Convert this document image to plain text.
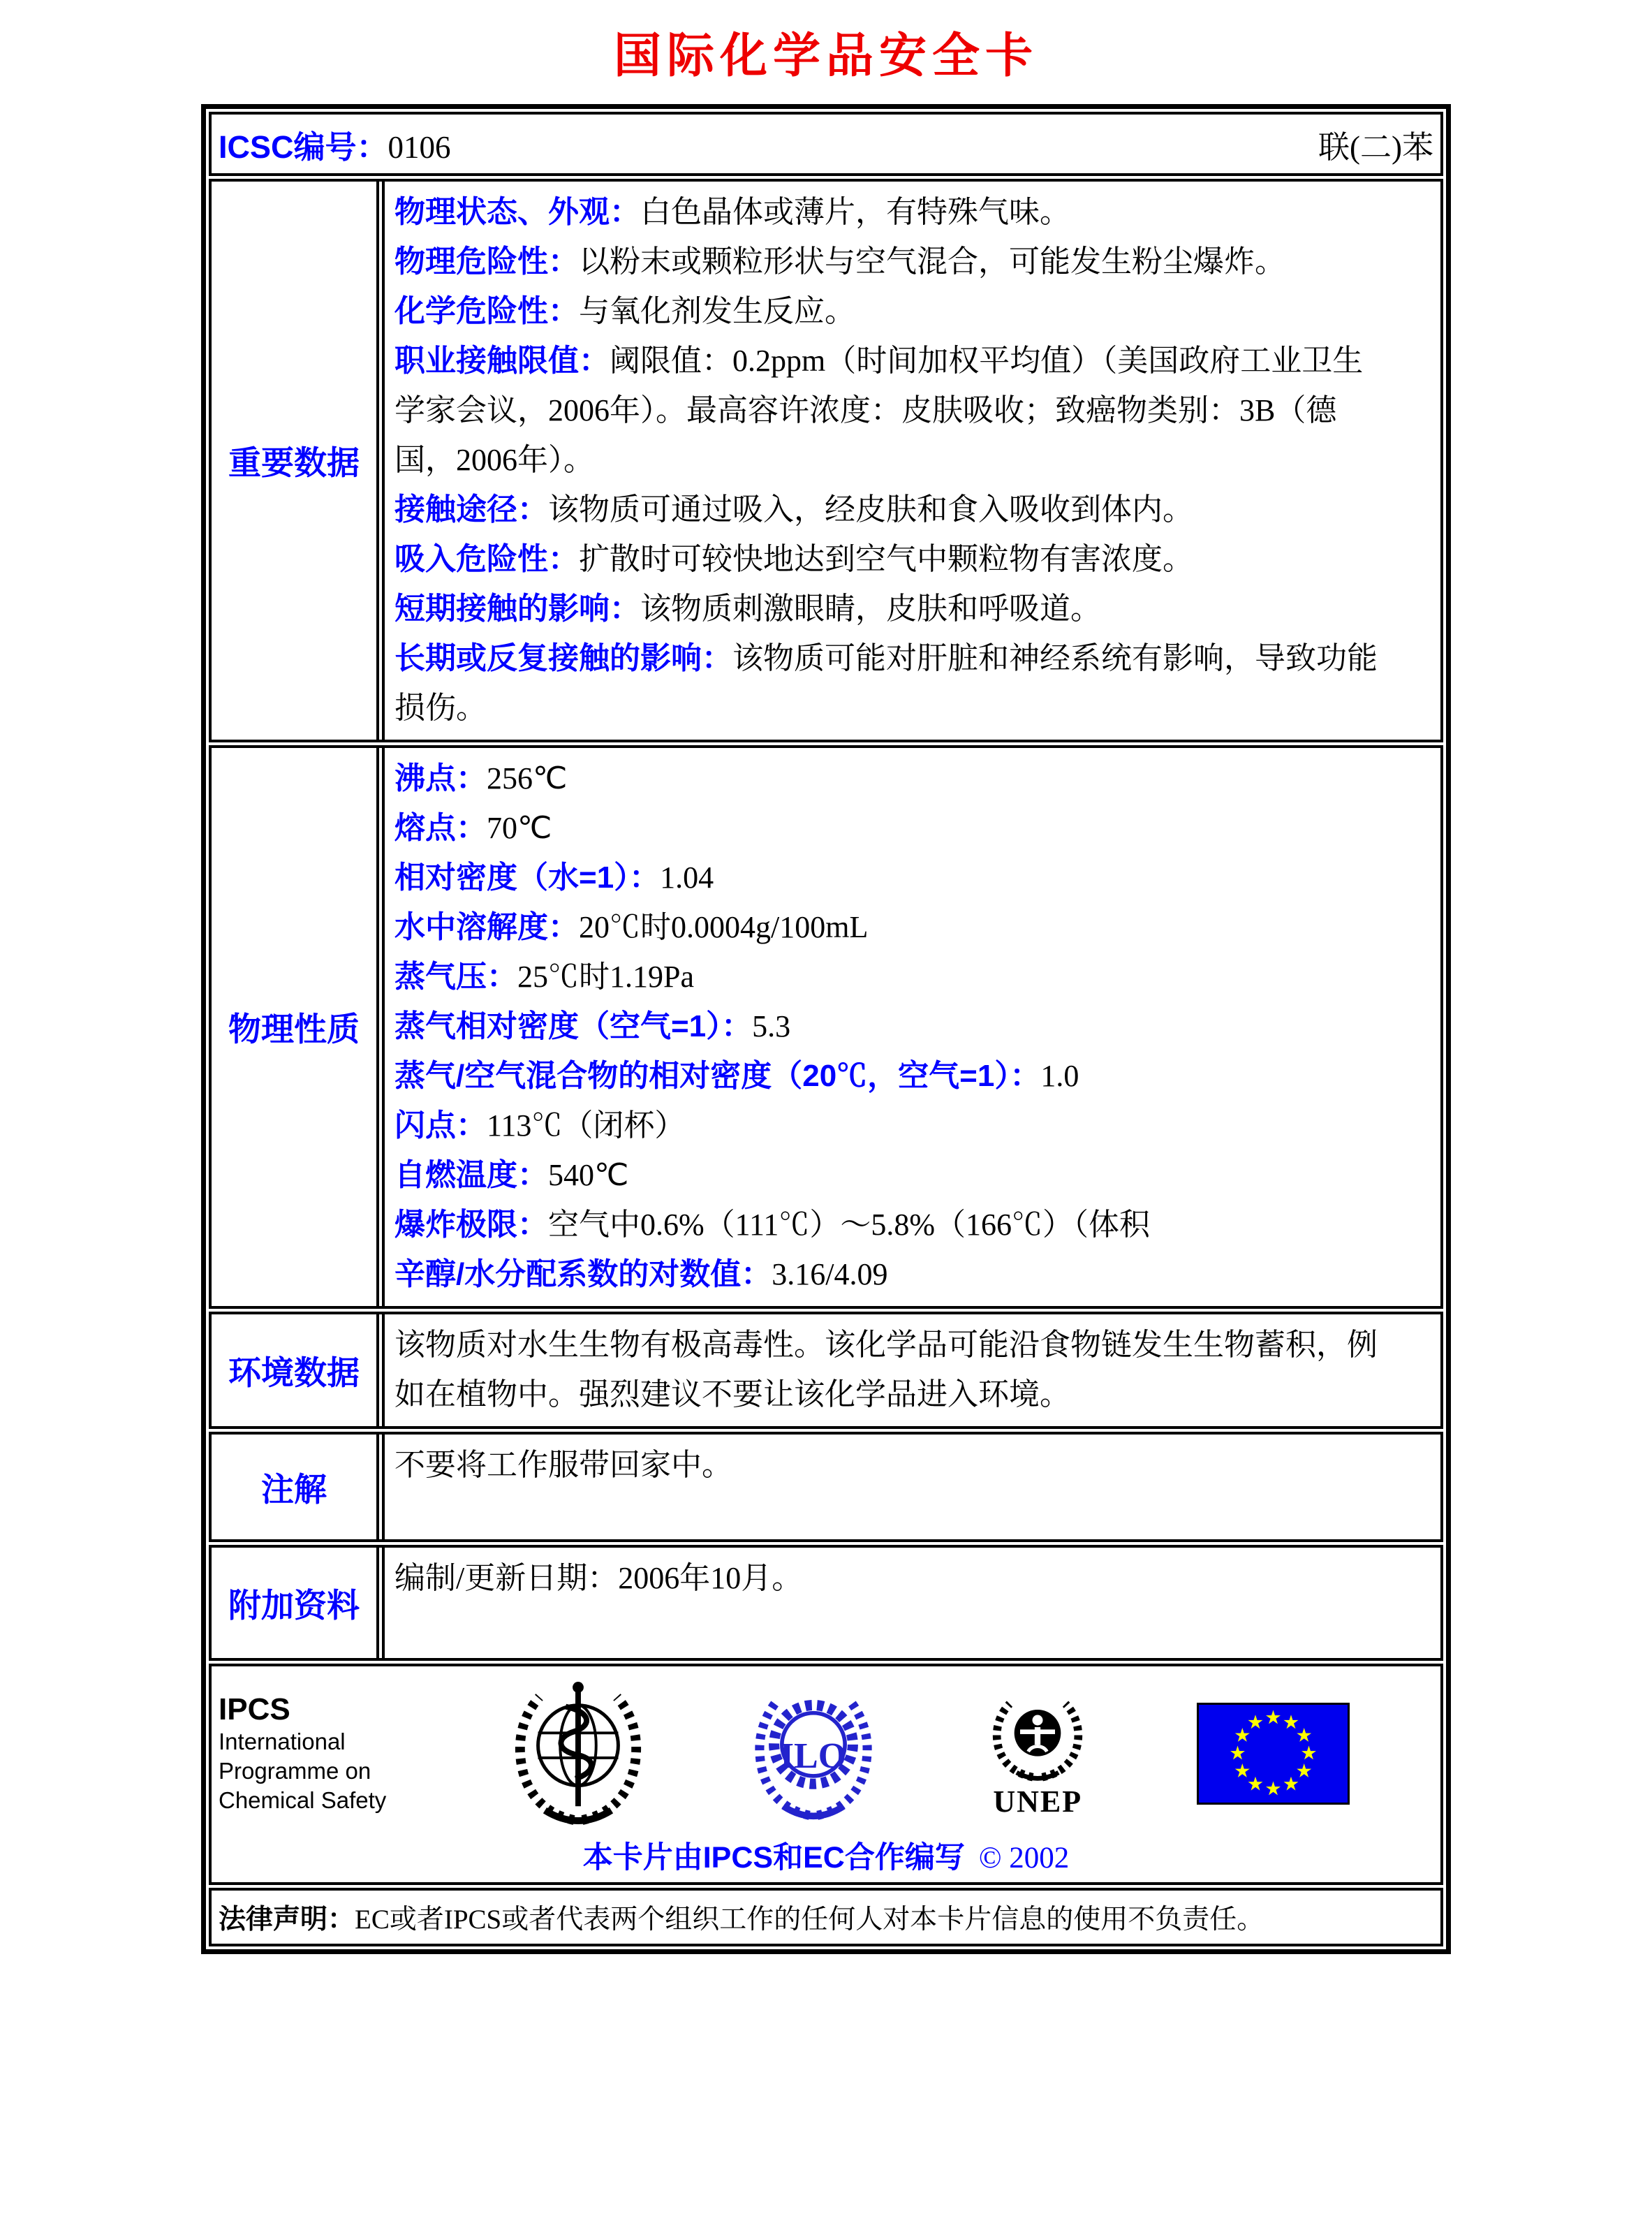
国际化学品安全卡
ICSC编号：0106	联(二)苯
重要数据
物理状态、外观：白色晶体或薄片，有特殊气味。
物理危险性：以粉末或颗粒形状与空气混合，可能发生粉尘爆炸。
化学危险性：与氧化剂发生反应。
职业接触限值：阈限值：0.2ppm（时间加权平均值）（美国政府工业卫生学家会议，2006年）。最高容许浓度：皮肤吸收；致癌物类别：3B（德国，2006年）。
接触途径：该物质可通过吸入，经皮肤和食入吸收到体内。
吸入危险性：扩散时可较快地达到空气中颗粒物有害浓度。
短期接触的影响：该物质刺激眼睛，皮肤和呼吸道。
长期或反复接触的影响：该物质可能对肝脏和神经系统有影响，导致功能损伤。
物理性质
沸点：256℃
熔点：70℃
相对密度（水=1）：1.04
水中溶解度：20℃时0.0004g/100mL
蒸气压：25℃时1.19Pa
蒸气相对密度（空气=1）：5.3
蒸气/空气混合物的相对密度（20℃，空气=1）：1.0
闪点：113℃（闭杯）
自燃温度：540℃
爆炸极限：空气中0.6%（111℃）～5.8%（166℃）（体积
辛醇/水分配系数的对数值：3.16/4.09
环境数据
该物质对水生生物有极高毒性。该化学品可能沿食物链发生生物蓄积，例如在植物中。强烈建议不要让该化学品进入环境。
注解
不要将工作服带回家中。
附加资料
编制/更新日期：2006年10月。
IPCS
International
Programme on
Chemical Safety
ILO
UNEP
本卡片由IPCS和EC合作编写 © 2002
法律声明： EC或者IPCS或者代表两个组织工作的任何人对本卡片信息的使用不负责任。
